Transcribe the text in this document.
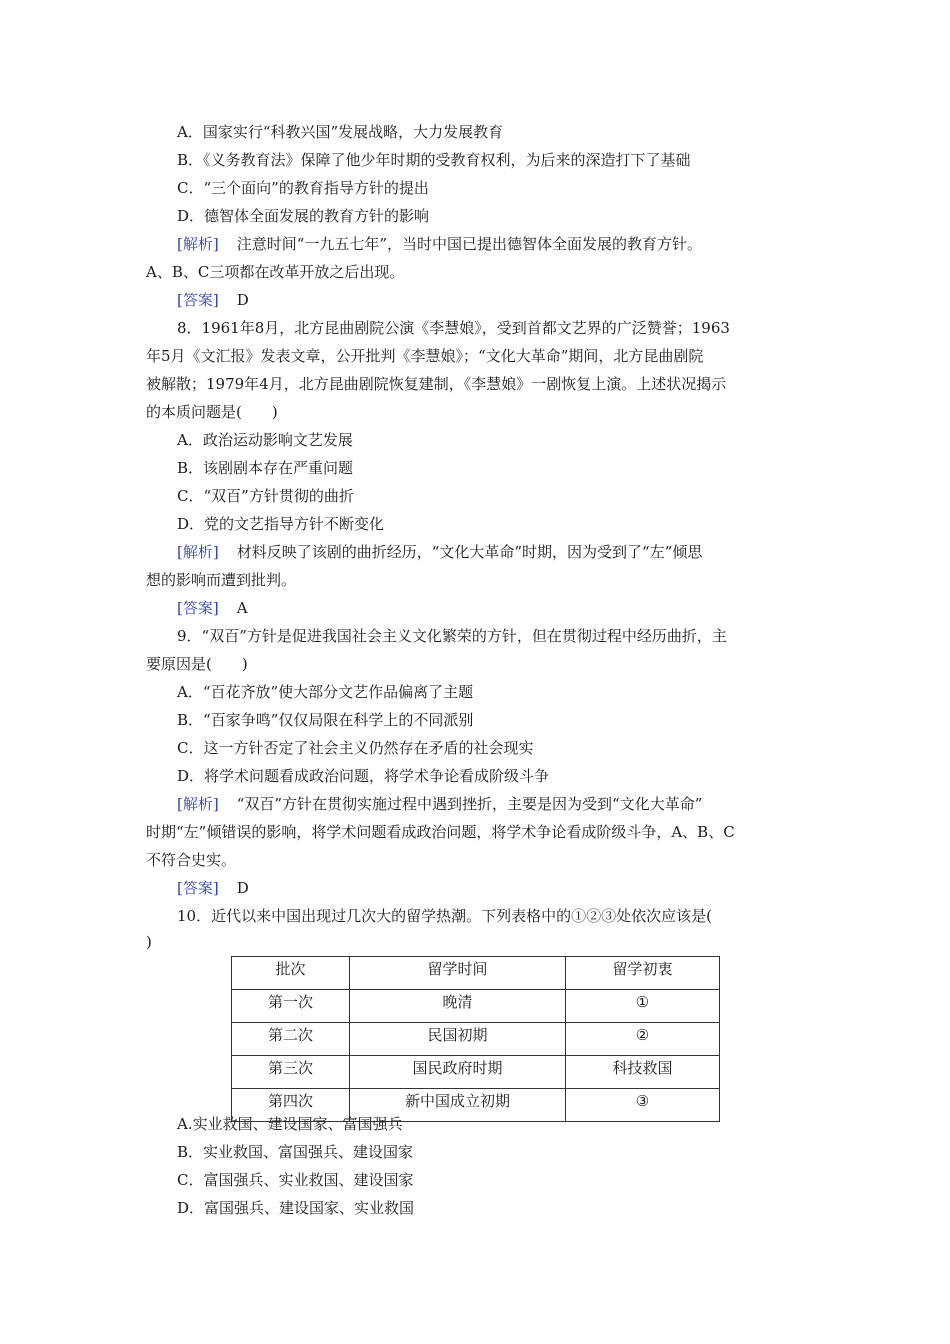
A．国家实行“科教兴国”发展战略，大力发展教育
B．《义务教育法》保障了他少年时期的受教育权利，为后来的深造打下了基础
C．“三个面向”的教育指导方针的提出
D．德智体全面发展的教育方针的影响
[解析] 注意时间“一九五七年”，当时中国已提出德智体全面发展的教育方针。
A、B、C三项都在改革开放之后出现。
[答案] D
8．1961年8月，北方昆曲剧院公演《李慧娘》，受到首都文艺界的广泛赞誉；1963
年5月《文汇报》发表文章，公开批判《李慧娘》；“文化大革命”期间，北方昆曲剧院
被解散；1979年4月，北方昆曲剧院恢复建制，《李慧娘》一剧恢复上演。上述状况揭示
的本质问题是(　　)
A．政治运动影响文艺发展
B．该剧剧本存在严重问题
C．“双百”方针贯彻的曲折
D．党的文艺指导方针不断变化
[解析] 材料反映了该剧的曲折经历，“文化大革命”时期，因为受到了“左”倾思
想的影响而遭到批判。
[答案] A
9．“双百”方针是促进我国社会主义文化繁荣的方针，但在贯彻过程中经历曲折，主
要原因是(　　)
A．“百花齐放”使大部分文艺作品偏离了主题
B．“百家争鸣”仅仅局限在科学上的不同派别
C．这一方针否定了社会主义仍然存在矛盾的社会现实
D．将学术问题看成政治问题，将学术争论看成阶级斗争
[解析] “双百”方针在贯彻实施过程中遇到挫折，主要是因为受到“文化大革命”
时期“左”倾错误的影响，将学术问题看成政治问题，将学术争论看成阶级斗争，A、B、C
不符合史实。
[答案] D
10．近代以来中国出现过几次大的留学热潮。下列表格中的①②③处依次应该是(
)
批次	留学时间	留学初衷
第一次	晚清	①
第二次	民国初期	②
第三次	国民政府时期	科技救国
第四次	新中国成立初期	③
A.实业救国、建设国家、富国强兵
B．实业救国、富国强兵、建设国家
C．富国强兵、实业救国、建设国家
D．富国强兵、建设国家、实业救国
